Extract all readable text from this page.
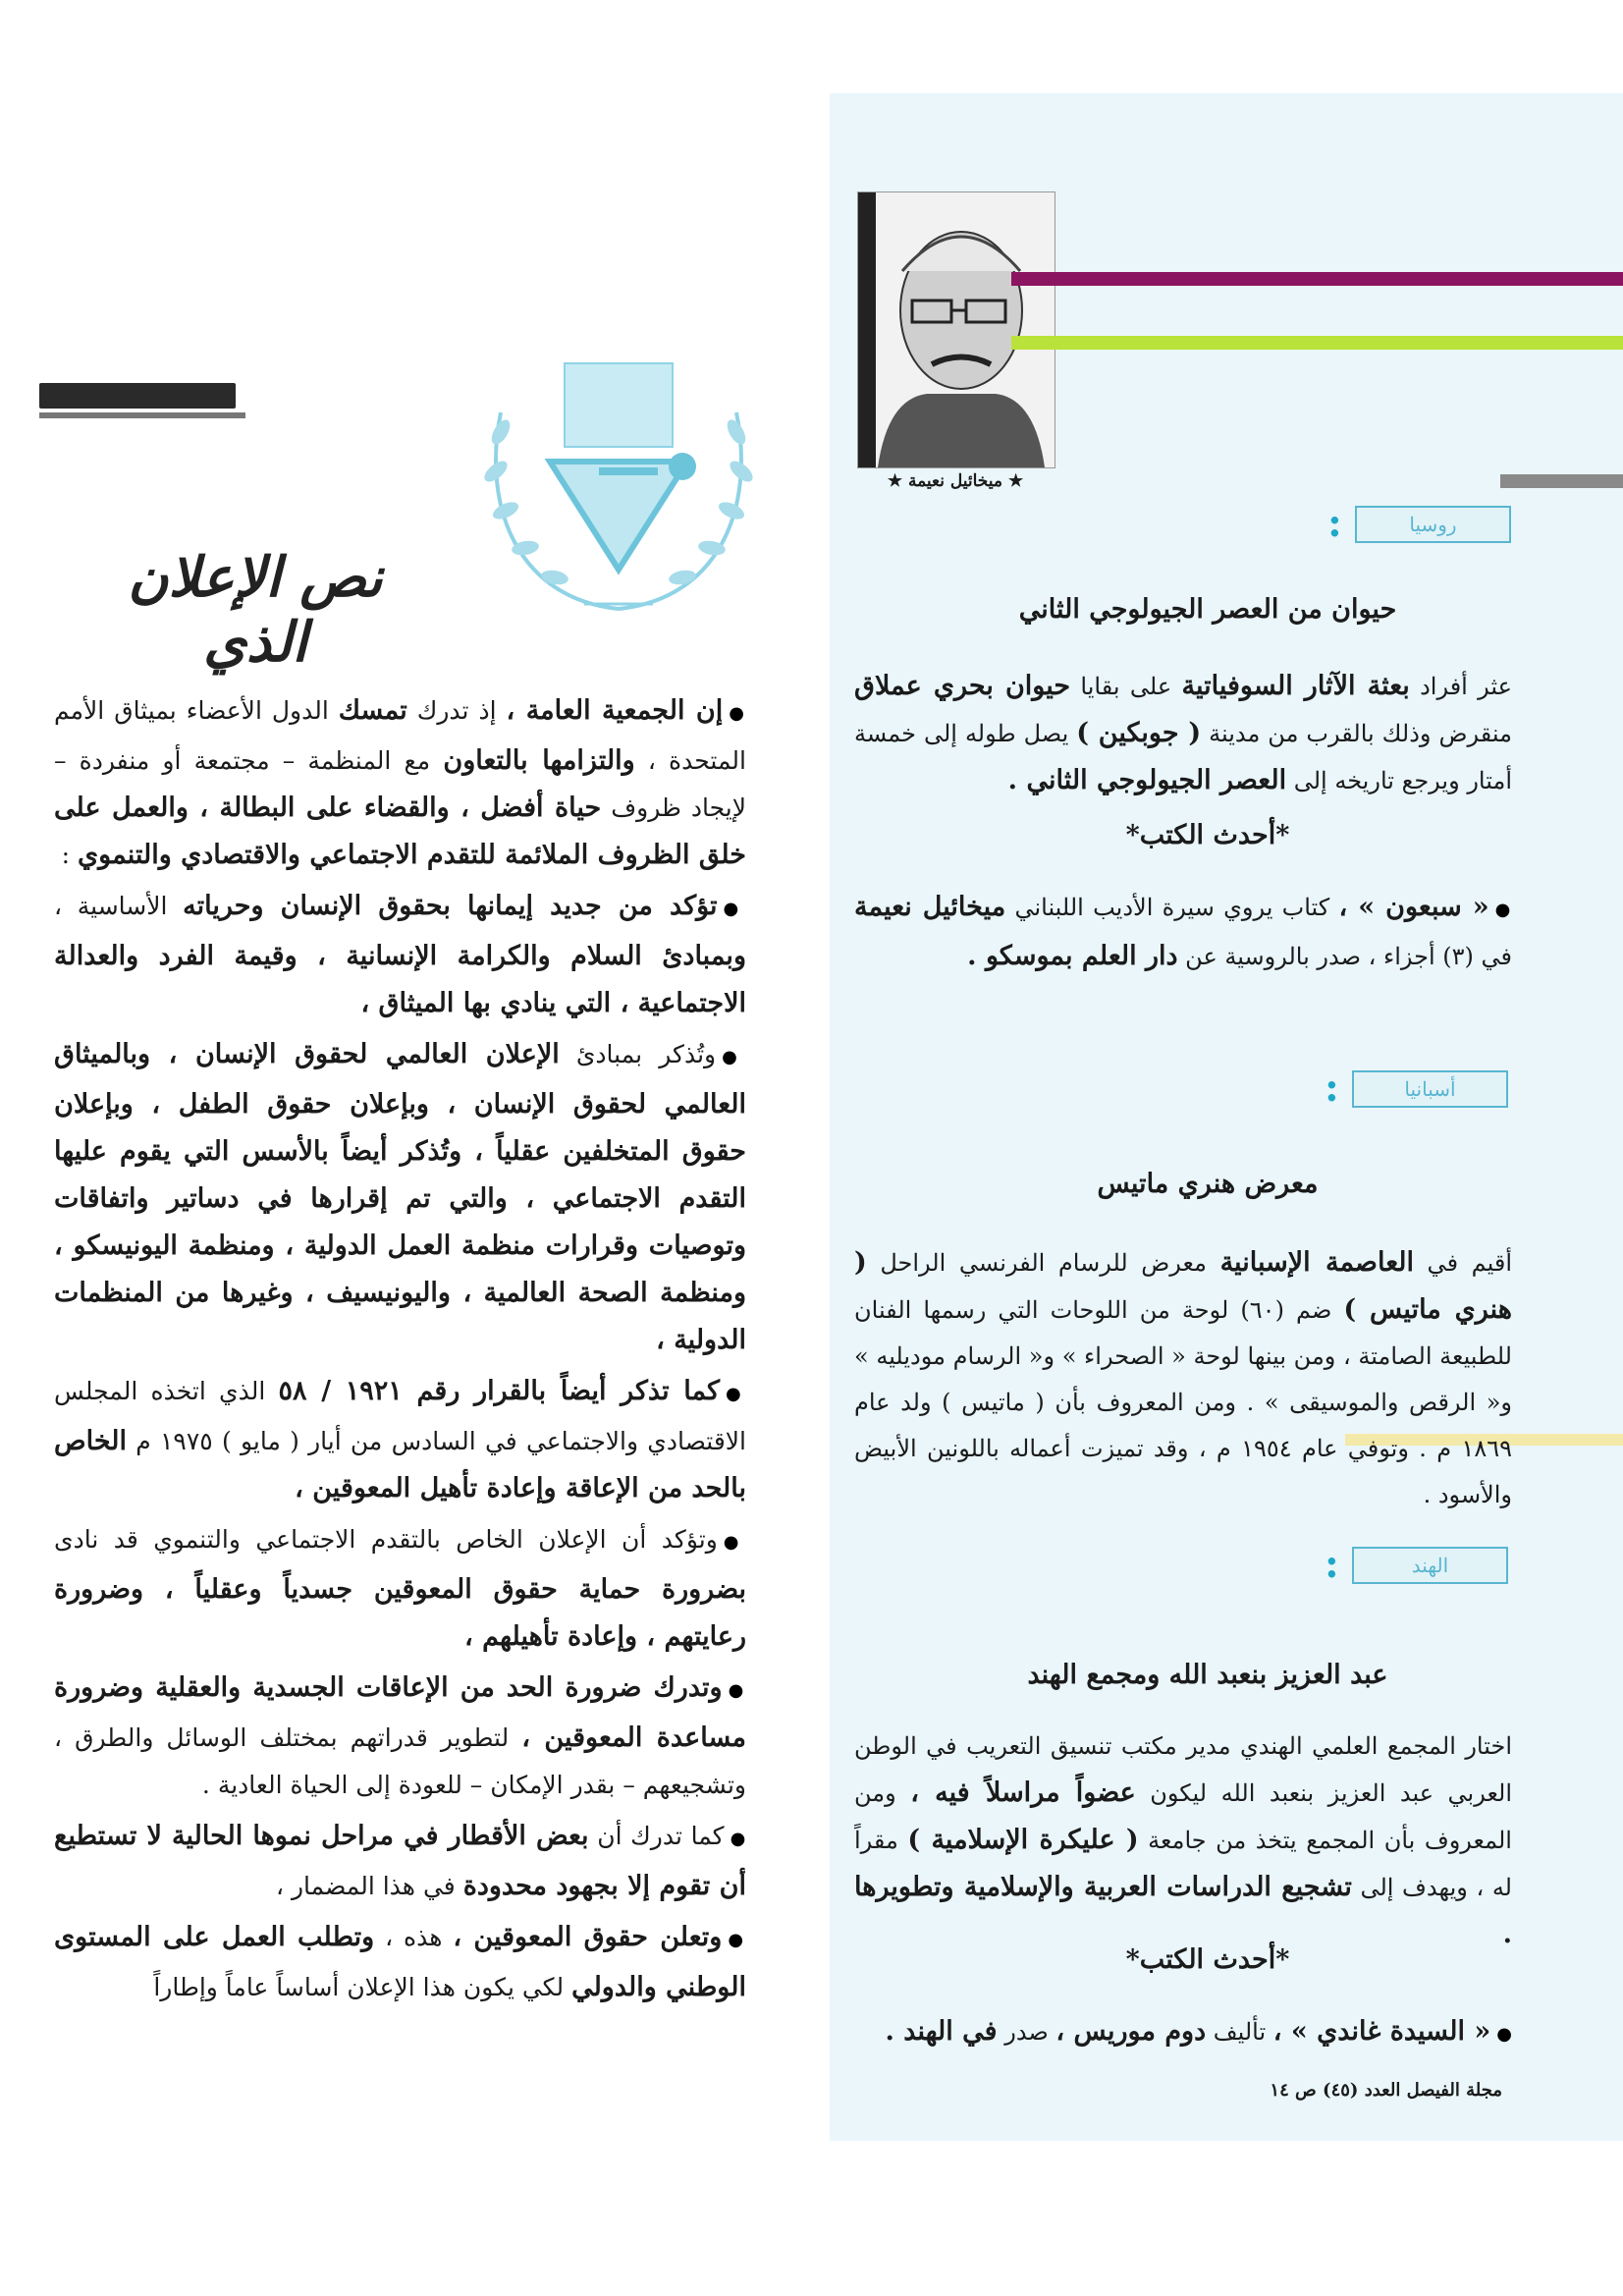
نص الإعلان الذي

●إن الجمعية العامة ، إذ تدرك تمسك الدول الأعضاء بميثاق الأمم المتحدة ، والتزامها بالتعاون مع المنظمة – مجتمعة أو منفردة – لإيجاد ظروف حياة أفضل ، والقضاء على البطالة ، والعمل على خلق الظروف الملائمة للتقدم الاجتماعي والاقتصادي والتنموي :

●تؤكد من جديد إيمانها بحقوق الإنسان وحرياته الأساسية ، وبمبادئ السلام والكرامة الإنسانية ، وقيمة الفرد والعدالة الاجتماعية ، التي ينادي بها الميثاق ،

●وتُذكر بمبادئ الإعلان العالمي لحقوق الإنسان ، وبالميثاق العالمي لحقوق الإنسان ، وبإعلان حقوق الطفل ، وبإعلان حقوق المتخلفين عقلياً ، وتُذكر أيضاً بالأسس التي يقوم عليها التقدم الاجتماعي ، والتي تم إقرارها في دساتير واتفاقات وتوصيات وقرارات منظمة العمل الدولية ، ومنظمة اليونيسكو ، ومنظمة الصحة العالمية ، واليونيسيف ، وغيرها من المنظمات الدولية ،

●كما تذكر أيضاً بالقرار رقم ١٩٢١ / ٥٨ الذي اتخذه المجلس الاقتصادي والاجتماعي في السادس من أيار ( مايو ) ١٩٧٥ م الخاص بالحد من الإعاقة وإعادة تأهيل المعوقين ،

●وتؤكد أن الإعلان الخاص بالتقدم الاجتماعي والتنموي قد نادى بضرورة حماية حقوق المعوقين جسدياً وعقلياً ، وضرورة رعايتهم ، وإعادة تأهيلهم ،

●وتدرك ضرورة الحد من الإعاقات الجسدية والعقلية وضرورة مساعدة المعوقين ، لتطوير قدراتهم بمختلف الوسائل والطرق ، وتشجيعهم – بقدر الإمكان – للعودة إلى الحياة العادية .

●كما تدرك أن بعض الأقطار في مراحل نموها الحالية لا تستطيع أن تقوم إلا بجهود محدودة في هذا المضمار ،

●وتعلن حقوق المعوقين ، هذه ، وتطلب العمل على المستوى الوطني والدولي لكي يكون هذا الإعلان أساساً عاماً وإطاراً

★ ميخائيل نعيمة ★
روسيا
:
حيوان من العصر الجيولوجي الثاني

عثر أفراد بعثة الآثار السوفياتية على بقايا حيوان بحري عملاق منقرض وذلك بالقرب من مدينة ( جوبكين ) يصل طوله إلى خمسة أمتار ويرجع تاريخه إلى العصر الجيولوجي الثاني .

*أحدث الكتب*

●« سبعون » ، كتاب يروي سيرة الأديب اللبناني ميخائيل نعيمة في (٣) أجزاء ، صدر بالروسية عن دار العلم بموسكو .

أسبانيا
:
معرض هنري ماتيس

أقيم في العاصمة الإسبانية معرض للرسام الفرنسي الراحل ( هنري ماتيس ) ضم (٦٠) لوحة من اللوحات التي رسمها الفنان للطبيعة الصامتة ، ومن بينها لوحة « الصحراء » و« الرسام موديليه » و« الرقص والموسيقى » . ومن المعروف بأن ( ماتيس ) ولد عام ١٨٦٩ م . وتوفي عام ١٩٥٤ م ، وقد تميزت أعماله باللونين الأبيض والأسود .

الهند
:
عبد العزيز بنعبد الله ومجمع الهند

اختار المجمع العلمي الهندي مدير مكتب تنسيق التعريب في الوطن العربي عبد العزيز بنعبد الله ليكون عضواً مراسلاً فيه ، ومن المعروف بأن المجمع يتخذ من جامعة ( عليكرة الإسلامية ) مقراً له ، ويهدف إلى تشجيع الدراسات العربية والإسلامية وتطويرها .

*أحدث الكتب*

●« السيدة غاندي » ، تأليف دوم موريس ، صدر في الهند .

مجلة الفيصل العدد (٤٥) ص ١٤
